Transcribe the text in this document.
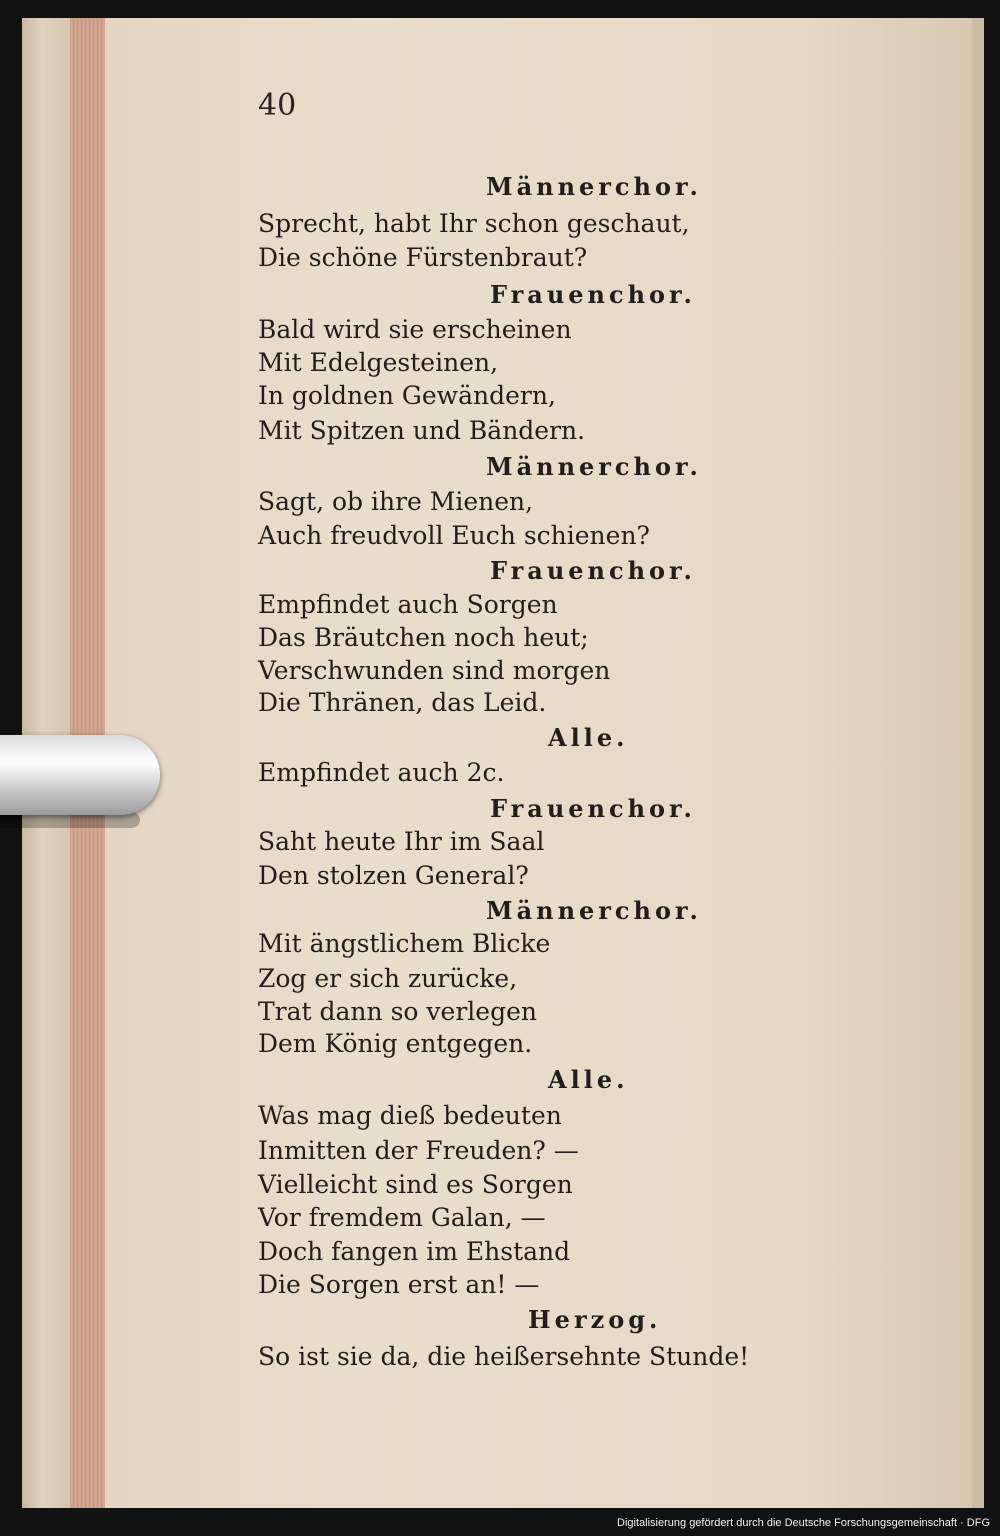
40
Männerchor.
Sprecht, habt Ihr schon geschaut,
Die schöne Fürstenbraut?
Frauenchor.
Bald wird sie erscheinen
Mit Edelgesteinen,
In goldnen Gewändern,
Mit Spitzen und Bändern.
Männerchor.
Sagt, ob ihre Mienen,
Auch freudvoll Euch schienen?
Frauenchor.
Empfindet auch Sorgen
Das Bräutchen noch heut;
Verschwunden sind morgen
Die Thränen, das Leid.
Alle.
Empfindet auch 2c.
Frauenchor.
Saht heute Ihr im Saal
Den stolzen General?
Männerchor.
Mit ängstlichem Blicke
Zog er sich zurücke,
Trat dann so verlegen
Dem König entgegen.
Alle.
Was mag dieß bedeuten
Inmitten der Freuden? —
Vielleicht sind es Sorgen
Vor fremdem Galan, —
Doch fangen im Ehstand
Die Sorgen erst an! —
Herzog.
So ist sie da, die heißersehnte Stunde!
Digitalisierung gefördert durch die Deutsche Forschungsgemeinschaft · DFG
